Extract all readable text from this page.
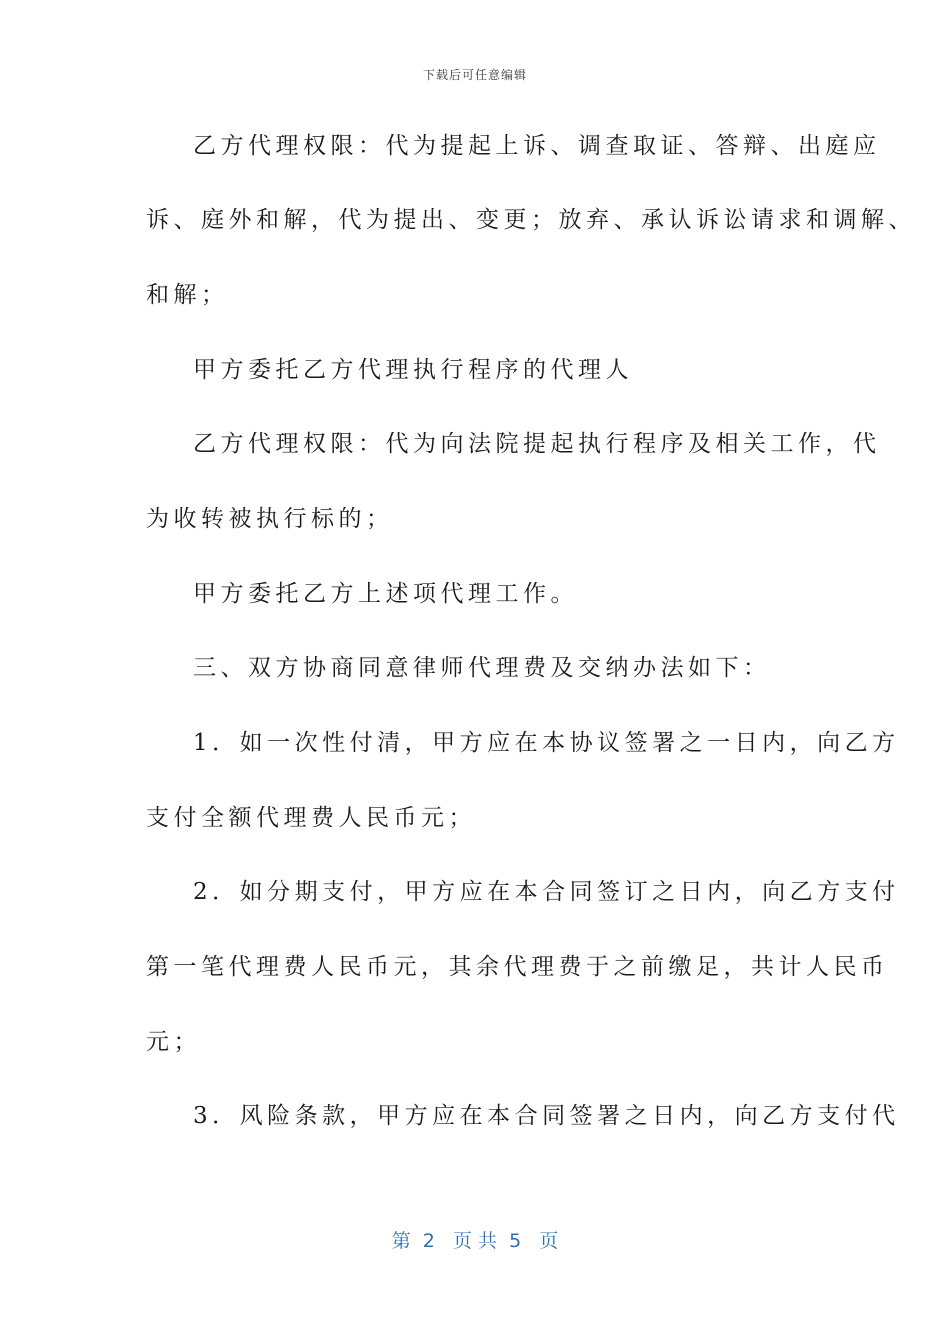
下载后可任意编辑
乙方代理权限：代为提起上诉、调查取证、答辩、出庭应
诉、庭外和解，代为提出、变更；放弃、承认诉讼请求和调解、
和解；
甲方委托乙方代理执行程序的代理人
乙方代理权限：代为向法院提起执行程序及相关工作，代
为收转被执行标的；
甲方委托乙方上述项代理工作。
三、双方协商同意律师代理费及交纳办法如下：
1．如一次性付清，甲方应在本协议签署之一日内，向乙方
支付全额代理费人民币元；
2．如分期支付，甲方应在本合同签订之日内，向乙方支付
第一笔代理费人民币元，其余代理费于之前缴足，共计人民币
元；
3．风险条款，甲方应在本合同签署之日内，向乙方支付代
第  2   页 共  5   页
